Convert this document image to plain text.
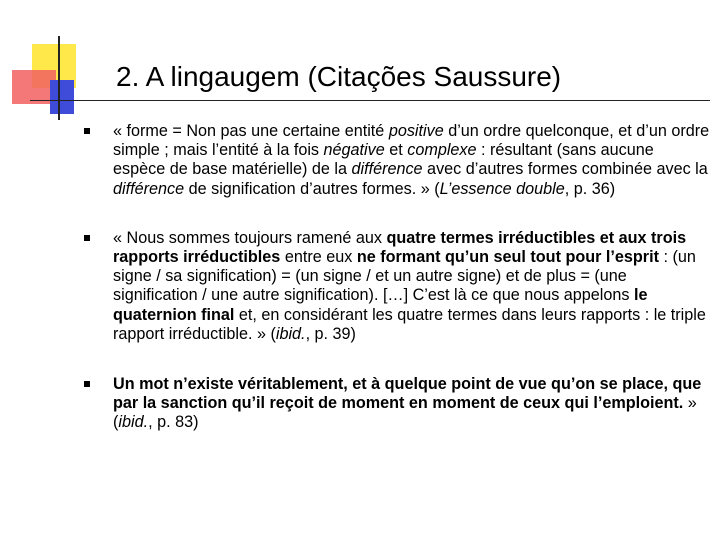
2. A lingaugem (Citações Saussure)
« forme = Non pas une certaine entité positive d’un ordre quelconque, et d’un ordre simple ; mais l’entité à la fois négative et complexe : résultant (sans aucune espèce de base matérielle) de la différence avec d’autres formes combinée avec la différence de signification d’autres formes. » (L’essence double, p. 36)
« Nous sommes toujours ramené aux quatre termes irréductibles et aux trois rapports irréductibles entre eux ne formant qu’un seul tout pour l’esprit : (un signe / sa signification) = (un signe / et un autre signe) et de plus = (une signification / une autre signification). […] C’est là ce que nous appelons le quaternion final et, en considérant les quatre termes dans leurs rapports : le triple rapport irréductible. » (ibid., p. 39)
Un mot n’existe véritablement, et à quelque point de vue qu’on se place, que par la sanction qu’il reçoit de moment en moment de ceux qui l’emploient. » (ibid., p. 83)
